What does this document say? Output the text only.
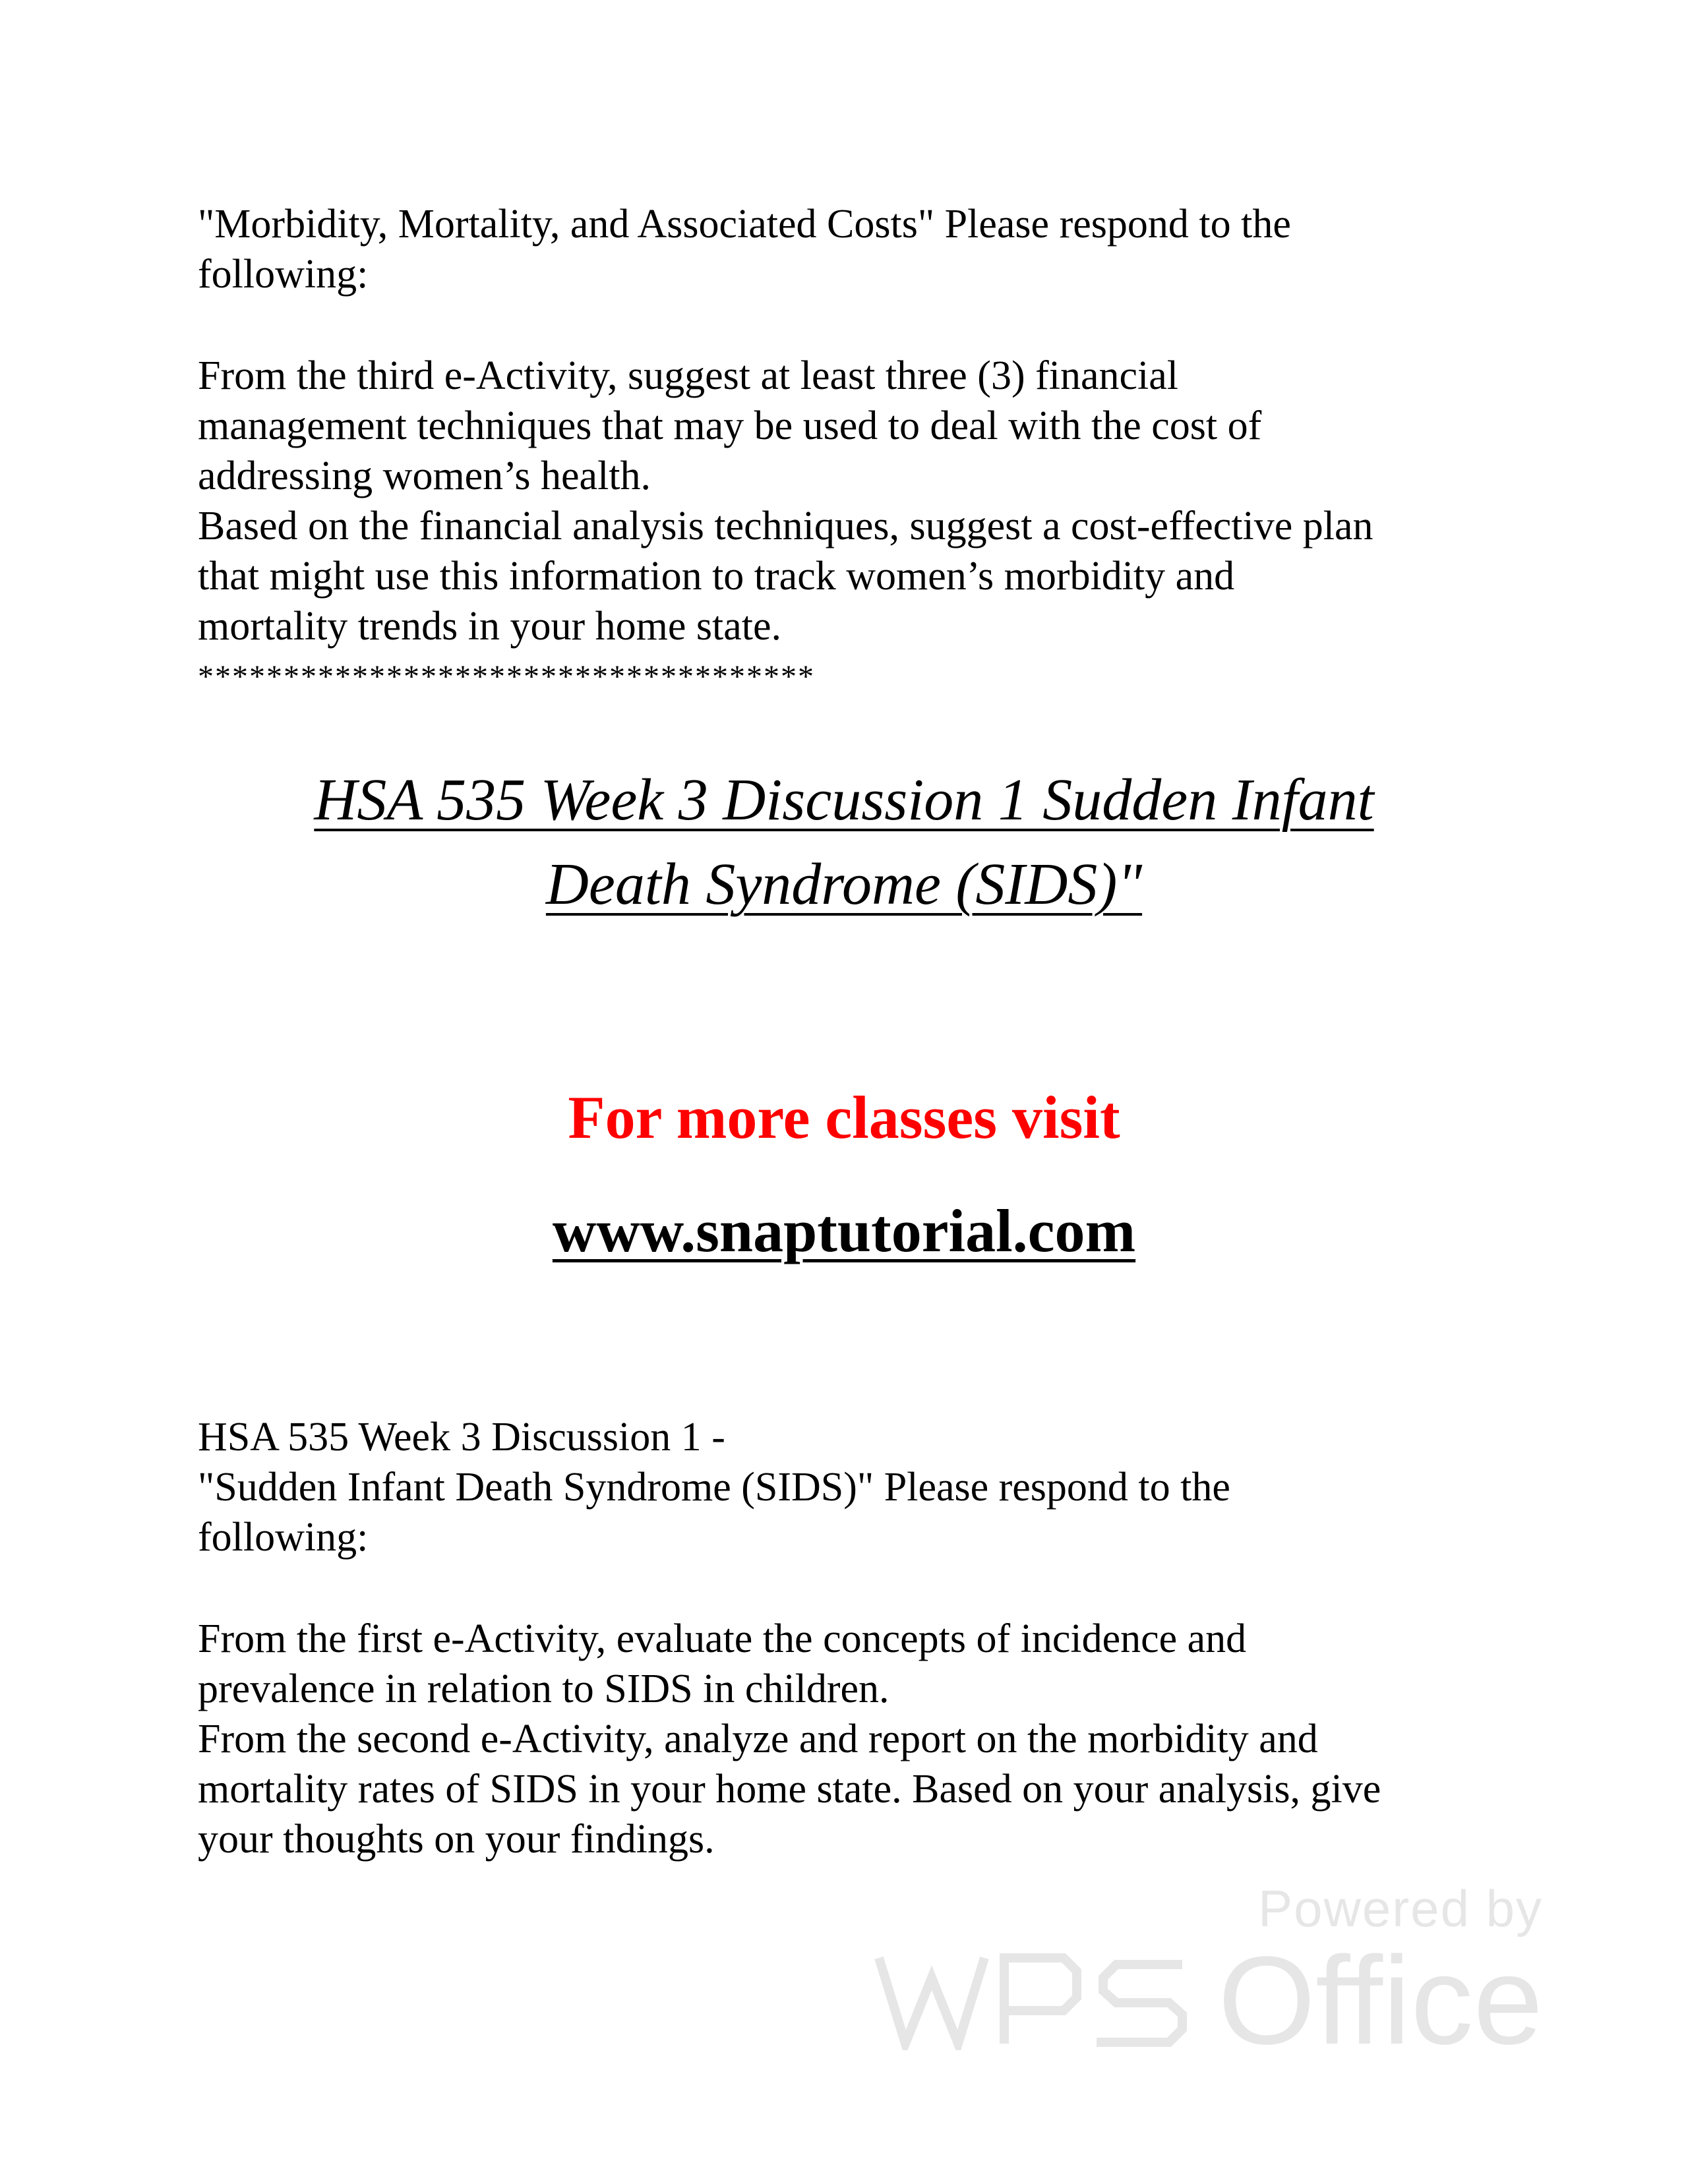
"Morbidity, Mortality, and Associated Costs" Please respond to the
following:
From the third e-Activity, suggest at least three (3) financial
management techniques that may be used to deal with the cost of
addressing women’s health.
Based on the financial analysis techniques, suggest a cost-effective plan
that might use this information to track women’s morbidity and
mortality trends in your home state.
************************************
HSA 535 Week 3 Discussion 1 Sudden Infant
Death Syndrome (SIDS)"
For more classes visit
www.snaptutorial.com
HSA 535 Week 3 Discussion 1 -
"Sudden Infant Death Syndrome (SIDS)" Please respond to the
following:
From the first e-Activity, evaluate the concepts of incidence and
prevalence in relation to SIDS in children.
From the second e-Activity, analyze and report on the morbidity and
mortality rates of SIDS in your home state. Based on your analysis, give
your thoughts on your findings.
Powered by
Office
